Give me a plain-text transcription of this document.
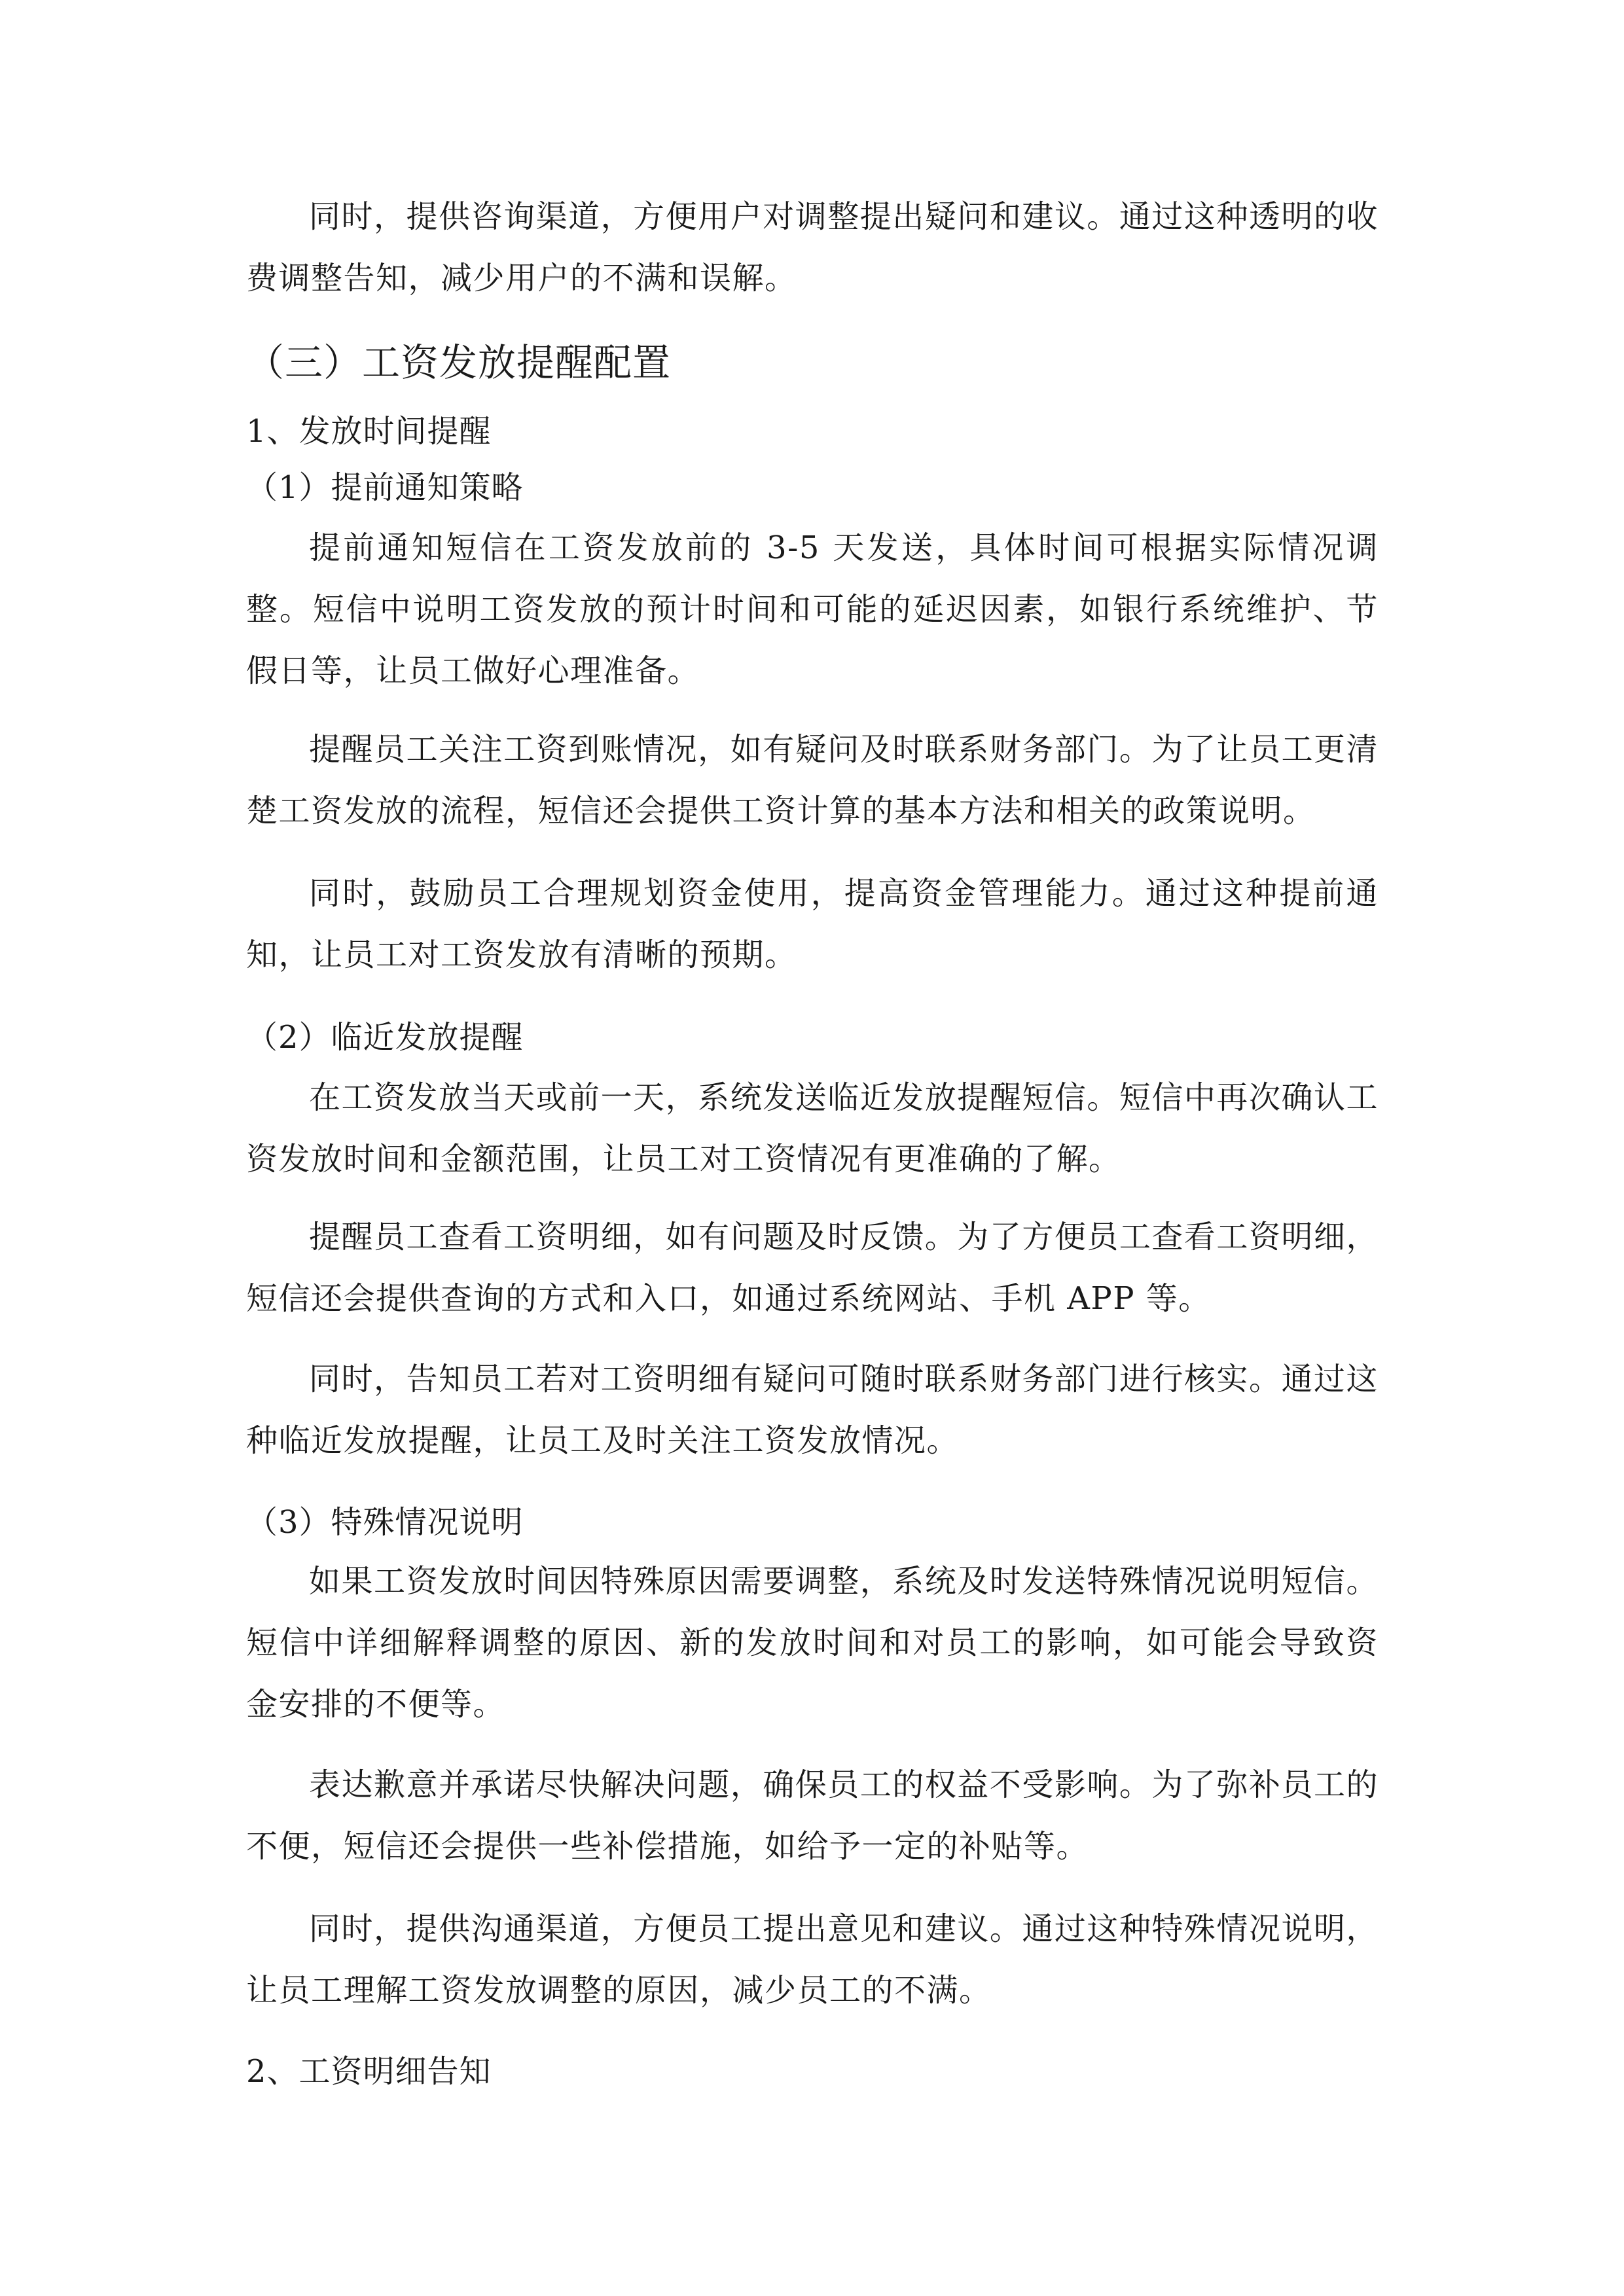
同时，提供咨询渠道，方便用户对调整提出疑问和建议。通过这种透明的收费调整告知，减少用户的不满和误解。

（三）工资发放提醒配置

1、发放时间提醒

（1）提前通知策略

提前通知短信在工资发放前的 3-5 天发送，具体时间可根据实际情况调整。短信中说明工资发放的预计时间和可能的延迟因素，如银行系统维护、节假日等，让员工做好心理准备。

提醒员工关注工资到账情况，如有疑问及时联系财务部门。为了让员工更清楚工资发放的流程，短信还会提供工资计算的基本方法和相关的政策说明。

同时，鼓励员工合理规划资金使用，提高资金管理能力。通过这种提前通知，让员工对工资发放有清晰的预期。

（2）临近发放提醒

在工资发放当天或前一天，系统发送临近发放提醒短信。短信中再次确认工资发放时间和金额范围，让员工对工资情况有更准确的了解。

提醒员工查看工资明细，如有问题及时反馈。为了方便员工查看工资明细，短信还会提供查询的方式和入口，如通过系统网站、手机 APP 等。

同时，告知员工若对工资明细有疑问可随时联系财务部门进行核实。通过这种临近发放提醒，让员工及时关注工资发放情况。

（3）特殊情况说明

如果工资发放时间因特殊原因需要调整，系统及时发送特殊情况说明短信。短信中详细解释调整的原因、新的发放时间和对员工的影响，如可能会导致资金安排的不便等。

表达歉意并承诺尽快解决问题，确保员工的权益不受影响。为了弥补员工的不便，短信还会提供一些补偿措施，如给予一定的补贴等。

同时，提供沟通渠道，方便员工提出意见和建议。通过这种特殊情况说明，让员工理解工资发放调整的原因，减少员工的不满。

2、工资明细告知
